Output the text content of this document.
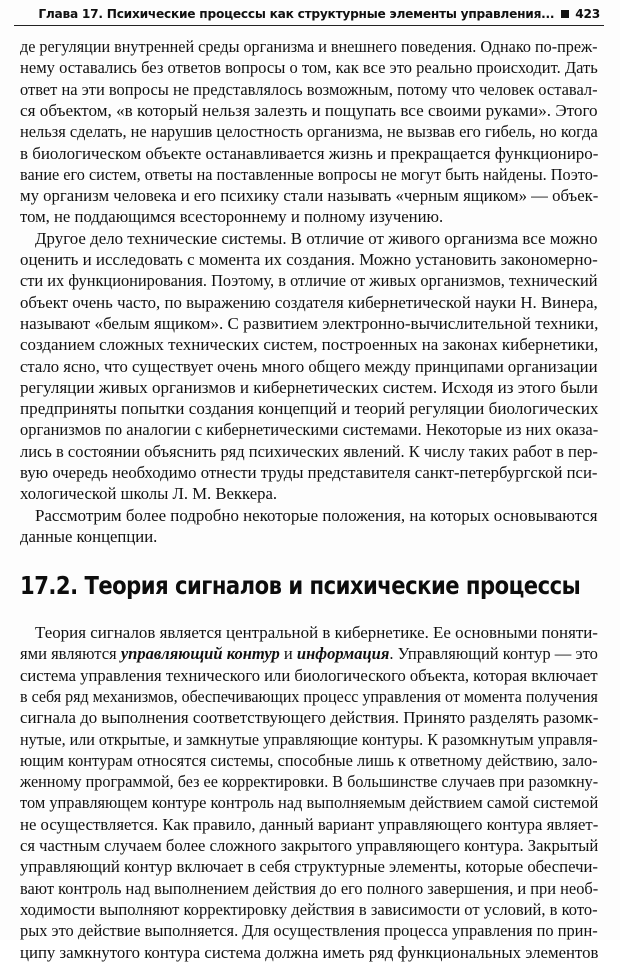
Глава 17. Психические процессы как структурные элементы управления... 423
де регуляции внутренней среды организма и внешнего поведения. Однако по-преж-
нему оставались без ответов вопросы о том, как все это реально происходит. Дать
ответ на эти вопросы не представлялось возможным, потому что человек оставал-
ся объектом, «в который нельзя залезть и пощупать все своими руками». Этого
нельзя сделать, не нарушив целостность организма, не вызвав его гибель, но когда
в биологическом объекте останавливается жизнь и прекращается функциониро-
вание его систем, ответы на поставленные вопросы не могут быть найдены. Поэто-
му организм человека и его психику стали называть «черным ящиком» — объек-
том, не поддающимся всестороннему и полному изучению.
Другое дело технические системы. В отличие от живого организма все можно
оценить и исследовать с момента их создания. Можно установить закономерно-
сти их функционирования. Поэтому, в отличие от живых организмов, технический
объект очень часто, по выражению создателя кибернетической науки Н. Винера,
называют «белым ящиком». С развитием электронно-вычислительной техники,
созданием сложных технических систем, построенных на законах кибернетики,
стало ясно, что существует очень много общего между принципами организации
регуляции живых организмов и кибернетических систем. Исходя из этого были
предприняты попытки создания концепций и теорий регуляции биологических
организмов по аналогии с кибернетическими системами. Некоторые из них оказа-
лись в состоянии объяснить ряд психических явлений. К числу таких работ в пер-
вую очередь необходимо отнести труды представителя санкт-петербургской пси-
хологической школы Л. М. Веккера.
Рассмотрим более подробно некоторые положения, на которых основываются
данные концепции.
17.2. Теория сигналов и психические процессы
Теория сигналов является центральной в кибернетике. Ее основными поняти-
ями являются управляющий контур и информация. Управляющий контур — это
система управления технического или биологического объекта, которая включает
в себя ряд механизмов, обеспечивающих процесс управления от момента получения
сигнала до выполнения соответствующего действия. Принято разделять разомк-
нутые, или открытые, и замкнутые управляющие контуры. К разомкнутым управля-
ющим контурам относятся системы, способные лишь к ответному действию, зало-
женному программой, без ее корректировки. В большинстве случаев при разомкну-
том управляющем контуре контроль над выполняемым действием самой системой
не осуществляется. Как правило, данный вариант управляющего контура являет-
ся частным случаем более сложного закрытого управляющего контура. Закрытый
управляющий контур включает в себя структурные элементы, которые обеспечи-
вают контроль над выполнением действия до его полного завершения, и при необ-
ходимости выполняют корректировку действия в зависимости от условий, в кото-
рых это действие выполняется. Для осуществления процесса управления по прин-
ципу замкнутого контура система должна иметь ряд функциональных элементов
